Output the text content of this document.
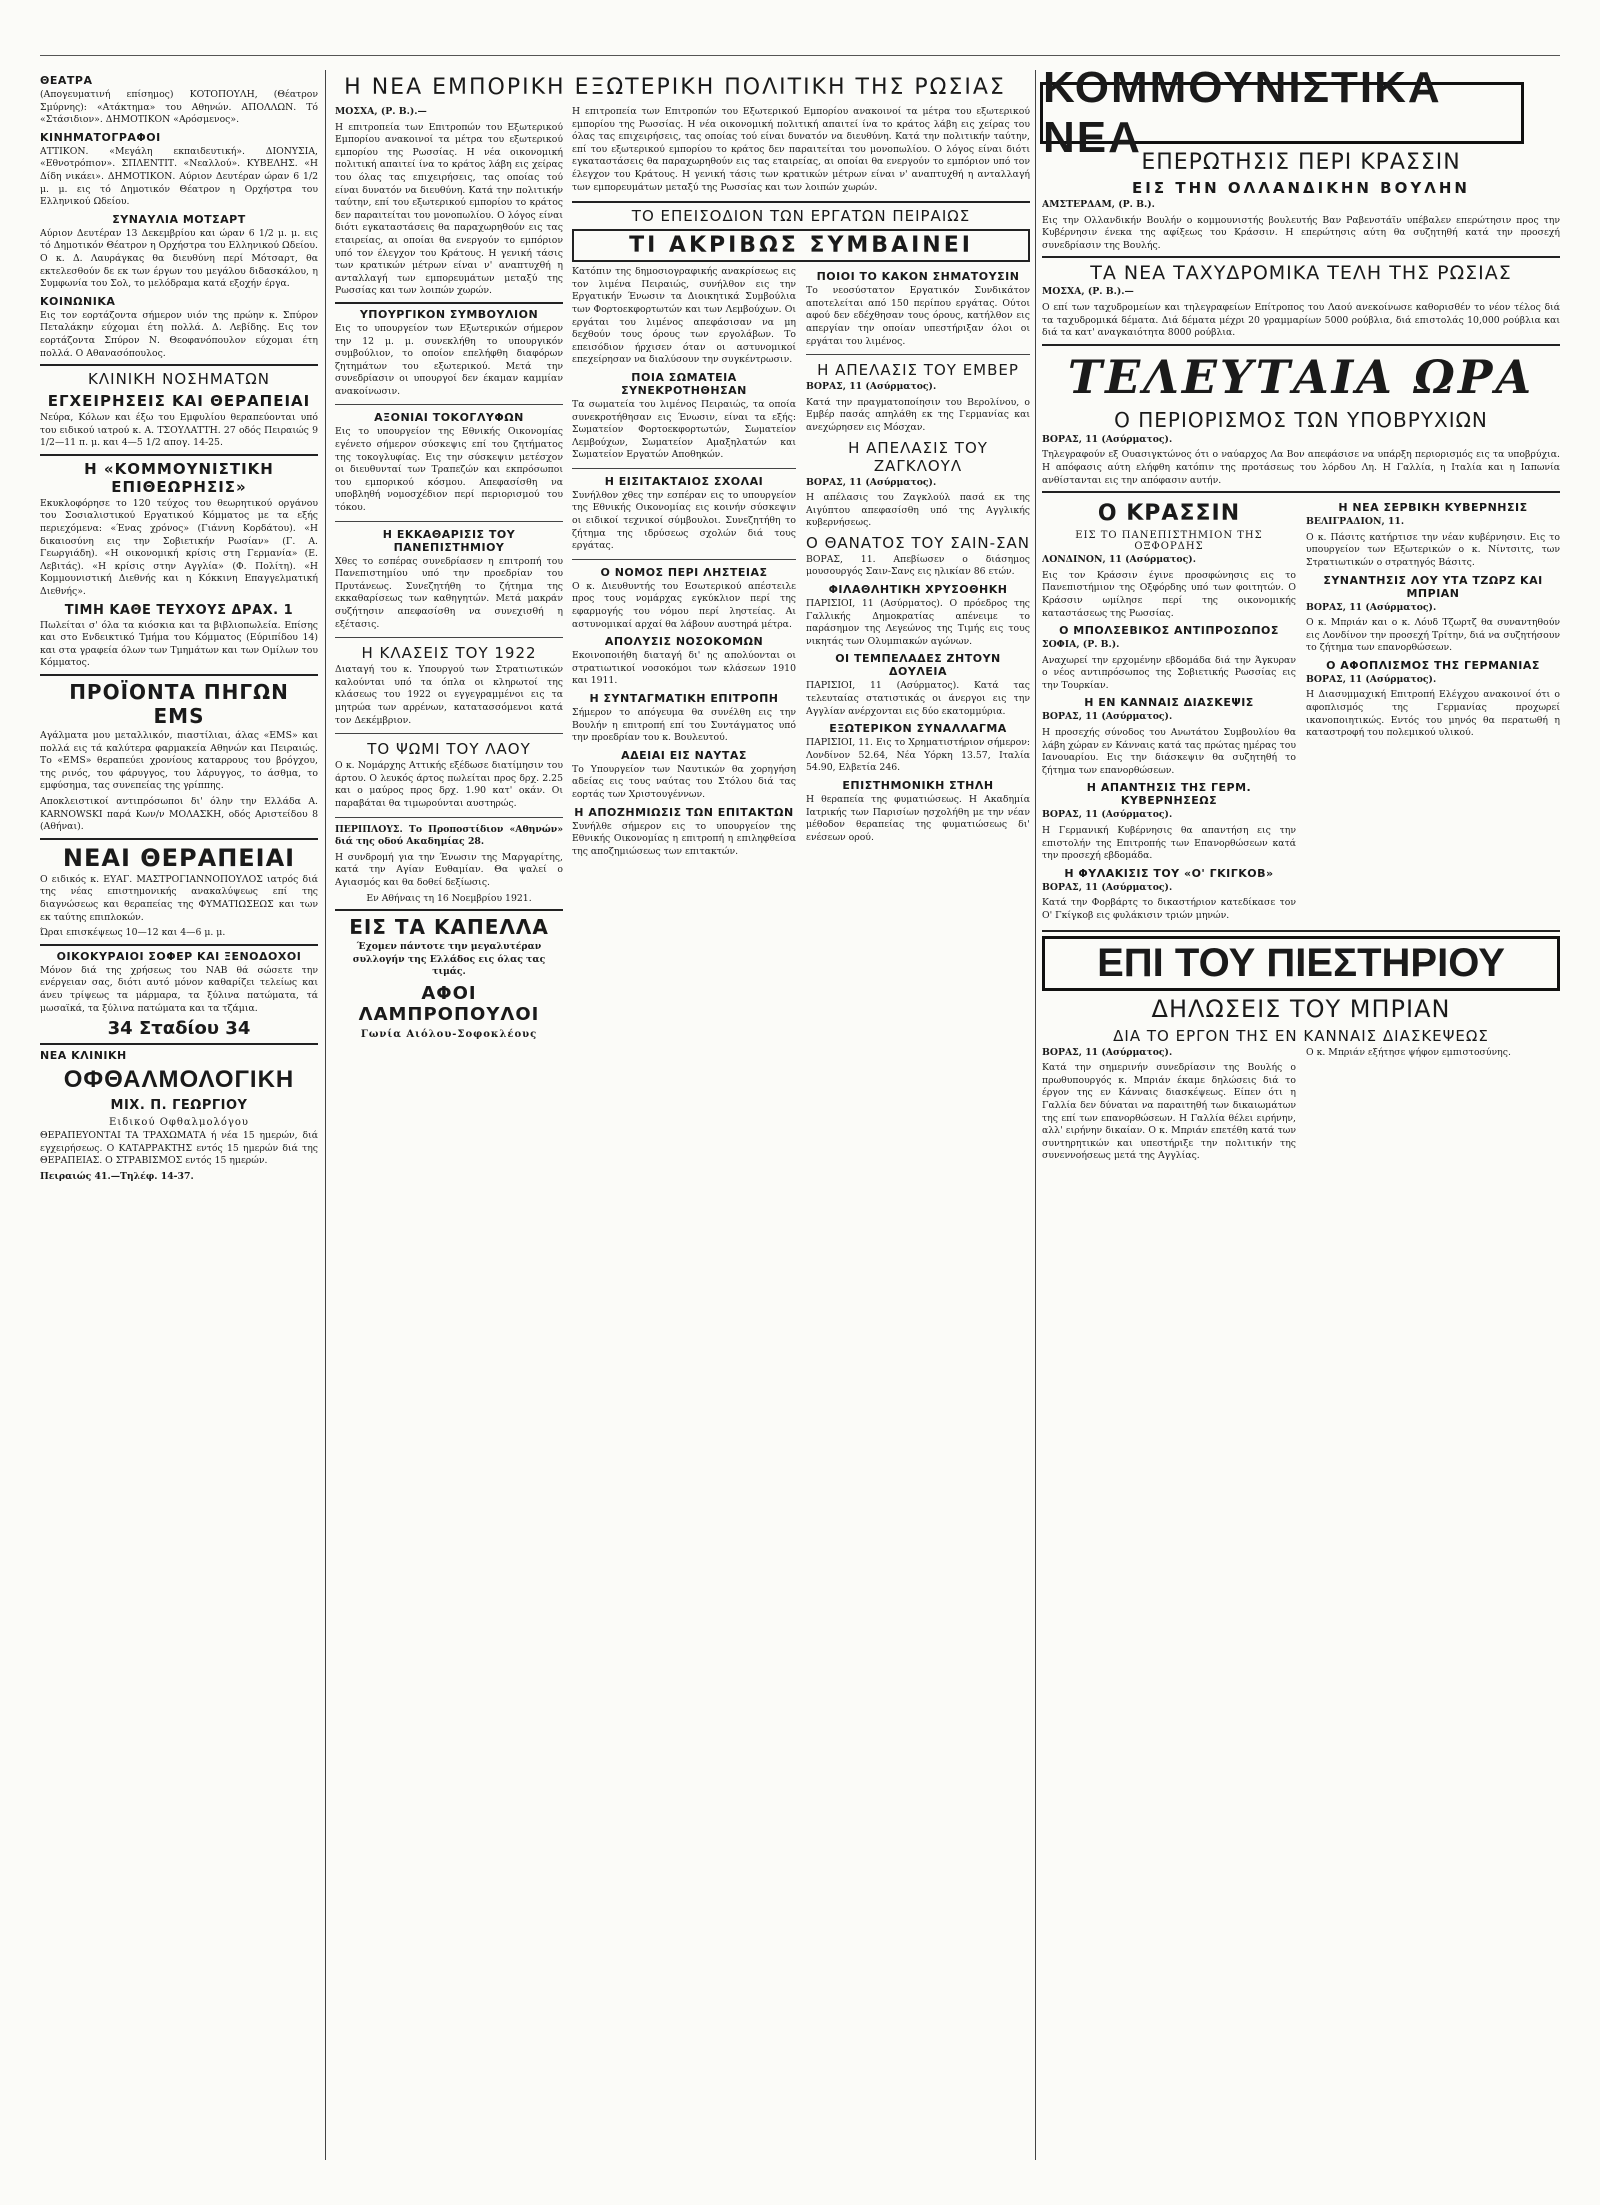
Η ΝΕΑ ΕΜΠΟΡΙΚΗ ΕΞΩΤΕΡΙΚΗ ΠΟΛΙΤΙΚΗ ΤΗΣ ΡΩΣΙΑΣ ΚΟΜΜΟΥΝΙΣΤΙΚΑ ΝΕΑ
ΘΕΑΤΡΑ

(Απογευματινή επίσημος) ΚΟΤΟΠΟΥΛΗ, (Θέατρον Σμύρνης): «Ατάκτημα» του Αθηνών. ΑΠΟΛΛΩΝ. Τό «Στάσιδιον». ΔΗΜΟΤΙΚΟΝ «Αρόσμενος».

ΚΙΝΗΜΑΤΟΓΡΑΦΟΙ

ΑΤΤΙΚΟΝ. «Μεγάλη εκπαιδευτική». ΔΙΟΝΥΣΙΑ, «Εθνοτρόπιον». ΣΠΛΕΝΤΙΤ. «Νεαλλού». ΚΥΒΕΛΗΣ. «Η Δίδη νικάει». ΔΗΜΟΤΙΚΟΝ. Αύριον Δευτέραν ώραν 6 1/2 μ. μ. εις τό Δημοτικόν Θέατρον η Ορχήστρα του Ελληνικού Ωδείου.

ΣΥΝΑΥΛΙΑ ΜΟΤΣΑΡΤ

Αύριον Δευτέραν 13 Δεκεμβρίου και ώραν 6 1/2 μ. μ. εις τό Δημοτικόν Θέατρον η Ορχήστρα του Ελληνικού Ωδείου. Ο κ. Δ. Λαυράγκας θα διευθύνη περί Μότσαρτ, θα εκτελεσθούν δε εκ των έργων του μεγάλου διδασκάλου, η Συμφωνία του Σολ, το μελόδραμα κατά εξοχήν έργα.

ΚΟΙΝΩΝΙΚΑ

Εις τον εορτάζοντα σήμερον υιόν της πρώην κ. Σπύρον Πεταλάκην εύχομαι έτη πολλά. Δ. Λεβίδης. Εις τον εορτάζοντα Σπύρον Ν. Θεοφανόπουλον εύχομαι έτη πολλά. Ο Αθανασόπουλος.

ΚΛΙΝΙΚΗ ΝΟΣΗΜΑΤΩΝ
ΕΓΧΕΙΡΗΣΕΙΣ ΚΑΙ ΘΕΡΑΠΕΙΑΙ

Νεύρα, Κόλων και έξω του Εμφυλίου θεραπεύονται υπό του ειδικού ιατρού κ. Α. ΤΣΟΥΛΑΤΤΗ. 27 οδός Πειραιώς 9 1/2—11 π. μ. και 4—5 1/2 απογ. 14-25.

Η «ΚΟΜΜΟΥΝΙΣΤΙΚΗ ΕΠΙΘΕΩΡΗΣΙΣ»

Εκυκλοφόρησε το 120 τεύχος του θεωρητικού οργάνου του Σοσιαλιστικού Εργατικού Κόμματος με τα εξής περιεχόμενα: «Ένας χρόνος» (Γιάννη Κορδάτου). «Η δικαιοσύνη εις την Σοβιετικήν Ρωσίαν» (Γ. Α. Γεωργιάδη). «Η οικονομική κρίσις στη Γερμανία» (Ε. Λεβιτάς). «Η κρίσις στην Αγγλία» (Φ. Πολίτη). «Η Κομμουνιστική Διεθνής και η Κόκκινη Επαγγελματική Διεθνής».

ΤΙΜΗ ΚΑΘΕ ΤΕΥΧΟΥΣ ΔΡΑΧ. 1

Πωλείται σ' όλα τα κιόσκια και τα βιβλιοπωλεία. Επίσης και στο Ενδεικτικό Τμήμα του Κόμματος (Εύριπίδου 14) και στα γραφεία όλων των Τμημάτων και των Ομίλων του Κόμματος.

ΠΡΟΪΟΝΤΑ ΠΗΓΩΝ EMS

Αγάλματα μου μεταλλικόν, πιαστίλιαι, άλας «EMS» και πολλά εις τά καλύτερα φαρμακεία Αθηνών και Πειραιώς. Το «EMS» θεραπεύει χρονίους καταρρους του βρόγχου, της ρινός, του φάρυγγος, του λάρυγγος, το άσθμα, το εμφύσημα, τας συνεπείας της γρίππης.

Αποκλειστικοί αντιπρόσωποι δι' όλην την Ελλάδα A. KARNOWSKI παρά Κων/ν ΜΟΛΑΣΚΗ, οδός Αριστείδου 8 (Αθήναι).

ΝΕΑΙ ΘΕΡΑΠΕΙΑΙ

Ο ειδικός κ. ΕΥΑΓ. ΜΑΣΤΡΟΓΙΑΝΝΟΠΟΥΛΟΣ ιατρός διά της νέας επιστημονικής ανακαλύψεως επί της διαγνώσεως και θεραπείας της ΦΥΜΑΤΙΩΣΕΩΣ και των εκ ταύτης επιπλοκών.

Ώραι επισκέψεως 10—12 και 4—6 μ. μ.

ΟΙΚΟΚΥΡΑΙΟΙ ΣΟΦΕΡ ΚΑΙ ΞΕΝΟΔΟΧΟΙ

Μόνον διά της χρήσεως του NAB θά σώσετε την ενέργειαν σας, διότι αυτό μόνον καθαρίζει τελείως και άνευ τρίψεως τα μάρμαρα, τα ξύλινα πατώματα, τά μωσαϊκά, τα ξύλινα πατώματα και τα τζάμια.

34 Σταδίου 34
ΝΕΑ ΚΛΙΝΙΚΗ
ΟΦΘΑΛΜΟΛΟΓΙΚΗ
ΜΙΧ. Π. ΓΕΩΡΓΙΟΥ
Ειδικού Οφθαλμολόγου

ΘΕΡΑΠΕΥΟΝΤΑΙ ΤΑ ΤΡΑΧΩΜΑΤΑ ή νέα 15 ημερών, διά εγχειρήσεως. Ο ΚΑΤΑΡΡΑΚΤΗΣ εντός 15 ημερών διά της ΘΕΡΑΠΕΙΑΣ. Ο ΣΤΡΑΒΙΣΜΟΣ εντός 15 ημερών.

Πειραιώς 41.—Τηλέφ. 14-37.

ΜΟΣΧΑ, (Ρ. Β.).—

Η επιτροπεία των Επιτροπών του Εξωτερικού Εμπορίου ανακοινοί τα μέτρα του εξωτερικού εμπορίου της Ρωσσίας. Η νέα οικονομική πολιτική απαιτεί ίνα το κράτος λάβη εις χείρας του όλας τας επιχειρήσεις, τας οποίας τού είναι δυνατόν να διευθύνη. Κατά την πολιτικήν ταύτην, επί του εξωτερικού εμπορίου το κράτος δεν παραιτείται του μονοπωλίου. Ο λόγος είναι διότι εγκαταστάσεις θα παραχωρηθούν εις τας εταιρείας, αι οποίαι θα ενεργούν το εμπόριον υπό τον έλεγχον του Κράτους. Η γενική τάσις των κρατικών μέτρων είναι ν' αναπτυχθή η ανταλλαγή των εμπορευμάτων μεταξύ της Ρωσσίας και των λοιπών χωρών.

ΥΠΟΥΡΓΙΚΟΝ ΣΥΜΒΟΥΛΙΟΝ

Εις το υπουργείον των Εξωτερικών σήμερον την 12 μ. μ. συνεκλήθη το υπουργικόν συμβούλιον, το οποίον επελήφθη διαφόρων ζητημάτων του εξωτερικού. Μετά την συνεδρίασιν οι υπουργοί δεν έκαμαν καμμίαν ανακοίνωσιν.

ΑΞΟΝΙΑΙ ΤΟΚΟΓΛΥΦΩΝ

Εις το υπουργείον της Εθνικής Οικονομίας εγένετο σήμερον σύσκεψις επί του ζητήματος της τοκογλυφίας. Εις την σύσκεψιν μετέσχον οι διευθυνταί των Τραπεζών και εκπρόσωποι του εμπορικού κόσμου. Απεφασίσθη να υποβληθή νομοσχέδιον περί περιορισμού του τόκου.

Η ΕΚΚΑΘΑΡΙΣΙΣ ΤΟΥ ΠΑΝΕΠΙΣΤΗΜΙΟΥ

Χθες το εσπέρας συνεδρίασεν η επιτροπή του Πανεπιστημίου υπό την προεδρίαν του Πρυτάνεως. Συνεζητήθη το ζήτημα της εκκαθαρίσεως των καθηγητών. Μετά μακράν συζήτησιν απεφασίσθη να συνεχισθή η εξέτασις.

Η ΚΛΑΣΕΙΣ ΤΟΥ 1922

Διαταγή του κ. Υπουργού των Στρατιωτικών καλούνται υπό τα όπλα οι κληρωτοί της κλάσεως του 1922 οι εγγεγραμμένοι εις τα μητρώα των αρρένων, κατατασσόμενοι κατά τον Δεκέμβριον.

ΤΟ ΨΩΜΙ ΤΟΥ ΛΑΟΥ

Ο κ. Νομάρχης Αττικής εξέδωσε διατίμησιν του άρτου. Ο λευκός άρτος πωλείται προς δρχ. 2.25 και ο μαύρος προς δρχ. 1.90 κατ' οκάν. Οι παραβάται θα τιμωρούνται αυστηρώς.

ΠΕΡΙΠΛΟΥΣ. Το Προποστίδιον «Αθηνών» διά της οδού Ακαδημίας 28.

Η συνδρομή για την Ένωσιν της Μαργαρίτης, κατά την Αγίαν Ευθαμίαν. Θα ψαλεί ο Αγιασμός και θα δοθεί δεξίωσις.

Εν Αθήναις τη 16 Νοεμβρίου 1921.

ΕΙΣ ΤΑ ΚΑΠΕΛΛΑ

Έχομεν πάντοτε την μεγαλυτέραν συλλογήν της Ελλάδος εις όλας τας τιμάς.

ΑΦΟΙ ΛΑΜΠΡΟΠΟΥΛΟΙ
Γωνία Αιόλου-Σοφοκλέους

Η επιτροπεία των Επιτροπών του Εξωτερικού Εμπορίου ανακοινοί τα μέτρα του εξωτερικού εμπορίου της Ρωσσίας. Η νέα οικονομική πολιτική απαιτεί ίνα το κράτος λάβη εις χείρας του όλας τας επιχειρήσεις, τας οποίας τού είναι δυνατόν να διευθύνη. Κατά την πολιτικήν ταύτην, επί του εξωτερικού εμπορίου το κράτος δεν παραιτείται του μονοπωλίου. Ο λόγος είναι διότι εγκαταστάσεις θα παραχωρηθούν εις τας εταιρείας, αι οποίαι θα ενεργούν το εμπόριον υπό τον έλεγχον του Κράτους. Η γενική τάσις των κρατικών μέτρων είναι ν' αναπτυχθή η ανταλλαγή των εμπορευμάτων μεταξύ της Ρωσσίας και των λοιπών χωρών.

ΤΟ ΕΠΕΙΣΟΔΙΟΝ ΤΩΝ ΕΡΓΑΤΩΝ ΠΕΙΡΑΙΩΣ
ΤΙ ΑΚΡΙΒΩΣ ΣΥΜΒΑΙΝΕΙ

Κατόπιν της δημοσιογραφικής ανακρίσεως εις τον λιμένα Πειραιώς, συνήλθον εις την Εργατικήν Ένωσιν τα Διοικητικά Συμβούλια των Φορτοεκφορτωτών και των Λεμβούχων. Οι εργάται του λιμένος απεφάσισαν να μη δεχθούν τους όρους των εργολάβων. Το επεισόδιον ήρχισεν όταν οι αστυνομικοί επεχείρησαν να διαλύσουν την συγκέντρωσιν.

ΠΟΙΑ ΣΩΜΑΤΕΙΑ ΣΥΝΕΚΡΟΤΗΘΗΣΑΝ

Τα σωματεία του λιμένος Πειραιώς, τα οποία συνεκροτήθησαν εις Ένωσιν, είναι τα εξής: Σωματείον Φορτοεκφορτωτών, Σωματείον Λεμβούχων, Σωματείον Αμαξηλατών και Σωματείον Εργατών Αποθηκών.

Η ΕΙΣΙΤΑΚΤΑΙΟΣ ΣΧΟΛΑΙ

Συνήλθον χθες την εσπέραν εις το υπουργείον της Εθνικής Οικονομίας εις κοινήν σύσκεψιν οι ειδικοί τεχνικοί σύμβουλοι. Συνεζητήθη το ζήτημα της ιδρύσεως σχολών διά τους εργάτας.

Ο ΝΟΜΟΣ ΠΕΡΙ ΛΗΣΤΕΙΑΣ

Ο κ. Διευθυντής του Εσωτερικού απέστειλε προς τους νομάρχας εγκύκλιον περί της εφαρμογής του νόμου περί ληστείας. Αι αστυνομικαί αρχαί θα λάβουν αυστηρά μέτρα.

ΑΠΟΛΥΣΙΣ ΝΟΣΟΚΟΜΩΝ

Εκοινοποιήθη διαταγή δι' ης απολύονται οι στρατιωτικοί νοσοκόμοι των κλάσεων 1910 και 1911.

Η ΣΥΝΤΑΓΜΑΤΙΚΗ ΕΠΙΤΡΟΠΗ

Σήμερον το απόγευμα θα συνέλθη εις την Βουλήν η επιτροπή επί του Συντάγματος υπό την προεδρίαν του κ. Βουλευτού.

ΑΔΕΙΑΙ ΕΙΣ ΝΑΥΤΑΣ

Το Υπουργείον των Ναυτικών θα χορηγήση αδείας εις τους ναύτας του Στόλου διά τας εορτάς των Χριστουγέννων.

Η ΑΠΟΖΗΜΙΩΣΙΣ ΤΩΝ ΕΠΙΤΑΚΤΩΝ

Συνήλθε σήμερον εις το υπουργείον της Εθνικής Οικονομίας η επιτροπή η επιληφθείσα της αποζημιώσεως των επιτακτών.

ΠΟΙΟΙ ΤΟ ΚΑΚΟΝ ΣΗΜΑΤΟΥΣΙΝ

Το νεοσύστατον Εργατικόν Συνδικάτον αποτελείται από 150 περίπου εργάτας. Ούτοι αφού δεν εδέχθησαν τους όρους, κατήλθον εις απεργίαν την οποίαν υπεστήριξαν όλοι οι εργάται του λιμένος.

Η ΑΠΕΛΑΣΙΣ ΤΟΥ ΕΜΒΕΡ

ΒΟΡΑΣ, 11 (Ασύρματος).

Κατά την πραγματοποίησιν του Βερολίνου, ο Εμβέρ πασάς απηλάθη εκ της Γερμανίας και ανεχώρησεν εις Μόσχαν.

Η ΑΠΕΛΑΣΙΣ ΤΟΥ ΖΑΓΚΛΟΥΛ

ΒΟΡΑΣ, 11 (Ασύρματος).

Η απέλασις του Ζαγκλούλ πασά εκ της Αιγύπτου απεφασίσθη υπό της Αγγλικής κυβερνήσεως.

Ο ΘΑΝΑΤΟΣ ΤΟΥ ΣΑΙΝ-ΣΑΝ

ΒΟΡΑΣ, 11. Απεβίωσεν ο διάσημος μουσουργός Σαιν-Σανς εις ηλικίαν 86 ετών.

ΦΙΛΑΘΛΗΤΙΚΗ ΧΡΥΣΟΘΗΚΗ

ΠΑΡΙΣΙΟΙ, 11 (Ασύρματος). Ο πρόεδρος της Γαλλικής Δημοκρατίας απένειμε το παράσημον της Λεγεώνος της Τιμής εις τους νικητάς των Ολυμπιακών αγώνων.

ΟΙ ΤΕΜΠΕΛΑΔΕΣ ΖΗΤΟΥΝ ΔΟΥΛΕΙΑ

ΠΑΡΙΣΙΟΙ, 11 (Ασύρματος). Κατά τας τελευταίας στατιστικάς οι άνεργοι εις την Αγγλίαν ανέρχονται εις δύο εκατομμύρια.

ΕΞΩΤΕΡΙΚΟΝ ΣΥΝΑΛΛΑΓΜΑ

ΠΑΡΙΣΙΟΙ, 11. Εις το Χρηματιστήριον σήμερον: Λονδίνον 52.64, Νέα Υόρκη 13.57, Ιταλία 54.90, Ελβετία 246.

ΕΠΙΣΤΗΜΟΝΙΚΗ ΣΤΗΛΗ

Η θεραπεία της φυματιώσεως. Η Ακαδημία Ιατρικής των Παρισίων ησχολήθη με την νέαν μέθοδον θεραπείας της φυματιώσεως δι' ενέσεων ορού.

ΕΠΕΡΩΤΗΣΙΣ ΠΕΡΙ ΚΡΑΣΣΙΝ
ΕΙΣ ΤΗΝ ΟΛΛΑΝΔΙΚΗΝ ΒΟΥΛΗΝ

ΑΜΣΤΕΡΔΑΜ, (Ρ. Β.).

Εις την Ολλανδικήν Βουλήν ο κομμουνιστής βουλευτής Βαν Ραβενστάϊν υπέβαλεν επερώτησιν προς την Κυβέρνησιν ένεκα της αφίξεως του Κράσσιν. Η επερώτησις αύτη θα συζητηθή κατά την προσεχή συνεδρίασιν της Βουλής.

ΤΑ ΝΕΑ ΤΑΧΥΔΡΟΜΙΚΑ ΤΕΛΗ ΤΗΣ ΡΩΣΙΑΣ

ΜΟΣΧΑ, (Ρ. Β.).—

Ο επί των ταχυδρομείων και τηλεγραφείων Επίτροπος του Λαού ανεκοίνωσε καθορισθέν το νέον τέλος διά τα ταχυδρομικά δέματα. Διά δέματα μέχρι 20 γραμμαρίων 5000 ρούβλια, διά επιστολάς 10,000 ρούβλια και διά τα κατ' αναγκαιότητα 8000 ρούβλια.

ΤΕΛΕΥΤΑΙΑ ΩΡΑ
Ο ΠΕΡΙΟΡΙΣΜΟΣ ΤΩΝ ΥΠΟΒΡΥΧΙΩΝ

ΒΟΡΑΣ, 11 (Ασύρματος).

Τηλεγραφούν εξ Ουασιγκτώνος ότι ο ναύαρχος Λα Βον απεφάσισε να υπάρξη περιορισμός εις τα υποβρύχια. Η απόφασις αύτη ελήφθη κατόπιν της προτάσεως του λόρδου Λη. Η Γαλλία, η Ιταλία και η Ιαπωνία ανθίστανται εις την απόφασιν αυτήν.

Ο ΚΡΑΣΣΙΝ
ΕΙΣ ΤΟ ΠΑΝΕΠΙΣΤΗΜΙΟΝ ΤΗΣ ΟΞΦΟΡΔΗΣ

ΛΟΝΔΙΝΟΝ, 11 (Ασύρματος).

Εις τον Κράσσιν έγινε προσφώνησις εις το Πανεπιστήμιον της Οξφόρδης υπό των φοιτητών. Ο Κράσσιν ωμίλησε περί της οικονομικής καταστάσεως της Ρωσσίας.

Ο ΜΠΟΛΣΕΒΙΚΟΣ ΑΝΤΙΠΡΟΣΩΠΟΣ

ΣΟΦΙΑ, (Ρ. Β.).

Αναχωρεί την ερχομένην εβδομάδα διά την Άγκυραν ο νέος αντιπρόσωπος της Σοβιετικής Ρωσσίας εις την Τουρκίαν.

Η ΕΝ ΚΑΝΝΑΙΣ ΔΙΑΣΚΕΨΙΣ

ΒΟΡΑΣ, 11 (Ασύρματος).

Η προσεχής σύνοδος του Ανωτάτου Συμβουλίου θα λάβη χώραν εν Κάνναις κατά τας πρώτας ημέρας του Ιανουαρίου. Εις την διάσκεψιν θα συζητηθή το ζήτημα των επανορθώσεων.

Η ΑΠΑΝΤΗΣΙΣ ΤΗΣ ΓΕΡΜ. ΚΥΒΕΡΝΗΣΕΩΣ

ΒΟΡΑΣ, 11 (Ασύρματος).

Η Γερμανική Κυβέρνησις θα απαντήση εις την επιστολήν της Επιτροπής των Επανορθώσεων κατά την προσεχή εβδομάδα.

Η ΦΥΛΑΚΙΣΙΣ ΤΟΥ «Ο' ΓΚΙΓΚΟΒ»

ΒΟΡΑΣ, 11 (Ασύρματος).

Κατά την Φορβάρτς το δικαστήριον κατεδίκασε τον Ο' Γκίγκοβ εις φυλάκισιν τριών μηνών.

Η ΝΕΑ ΣΕΡΒΙΚΗ ΚΥΒΕΡΝΗΣΙΣ

ΒΕΛΙΓΡΑΔΙΟΝ, 11.

Ο κ. Πάσιτς κατήρτισε την νέαν κυβέρνησιν. Εις το υπουργείον των Εξωτερικών ο κ. Νίντσιτς, των Στρατιωτικών ο στρατηγός Βάσιτς.

ΣΥΝΑΝΤΗΣΙΣ ΛΟΥ ΥΤΑ ΤΖΩΡΖ ΚΑΙ ΜΠΡΙΑΝ

ΒΟΡΑΣ, 11 (Ασύρματος).

Ο κ. Μπριάν και ο κ. Λόυδ Τζωρτζ θα συναντηθούν εις Λονδίνον την προσεχή Τρίτην, διά να συζητήσουν το ζήτημα των επανορθώσεων.

Ο ΑΦΟΠΛΙΣΜΟΣ ΤΗΣ ΓΕΡΜΑΝΙΑΣ

ΒΟΡΑΣ, 11 (Ασύρματος).

Η Διασυμμαχική Επιτροπή Ελέγχου ανακοινοί ότι ο αφοπλισμός της Γερμανίας προχωρεί ικανοποιητικώς. Εντός του μηνός θα περατωθή η καταστροφή του πολεμικού υλικού.

ΕΠΙ ΤΟΥ ΠΙΕΣΤΗΡΙΟΥ
ΔΗΛΩΣΕΙΣ ΤΟΥ ΜΠΡΙΑΝ
ΔΙΑ ΤΟ ΕΡΓΟΝ ΤΗΣ ΕΝ ΚΑΝΝΑΙΣ ΔΙΑΣΚΕΨΕΩΣ

ΒΟΡΑΣ, 11 (Ασύρματος).

Κατά την σημερινήν συνεδρίασιν της Βουλής ο πρωθυπουργός κ. Μπριάν έκαμε δηλώσεις διά το έργον της εν Κάνναις διασκέψεως. Είπεν ότι η Γαλλία δεν δύναται να παραιτηθή των δικαιωμάτων της επί των επανορθώσεων. Η Γαλλία θέλει ειρήνην, αλλ' ειρήνην δικαίαν. Ο κ. Μπριάν επετέθη κατά των συντηρητικών και υπεστήριξε την πολιτικήν της συνεννοήσεως μετά της Αγγλίας.

Ο κ. Μπριάν εξήτησε ψήφον εμπιστοσύνης.
